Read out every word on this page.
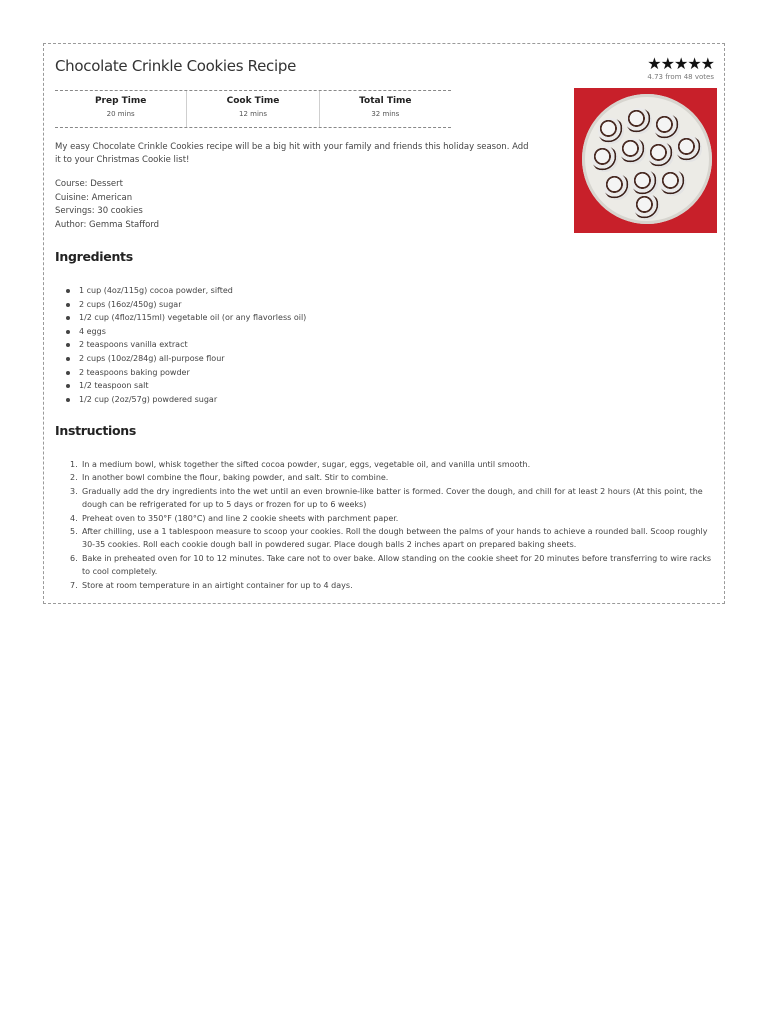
Chocolate Crinkle Cookies Recipe	★★★★★
4.73 from 48 votes
Prep Time
20 mins
Cook Time
12 mins
Total Time
32 mins
My easy Chocolate Crinkle Cookies recipe will be a big hit with your family and friends this holiday season. Add it to your Christmas Cookie list!
Course: Dessert
Cuisine: American
Servings: 30 cookies
Author: Gemma Stafford
Ingredients
1 cup (4oz/115g) cocoa powder, sifted
2 cups (16oz/450g) sugar
1/2 cup (4floz/115ml) vegetable oil (or any flavorless oil)
4 eggs
2 teaspoons vanilla extract
2 cups (10oz/284g) all-purpose flour
2 teaspoons baking powder
1/2 teaspoon salt
1/2 cup (2oz/57g) powdered sugar
Instructions
1. In a medium bowl, whisk together the sifted cocoa powder, sugar, eggs, vegetable oil, and vanilla until smooth.
2. In another bowl combine the flour, baking powder, and salt. Stir to combine.
3. Gradually add the dry ingredients into the wet until an even brownie-like batter is formed. Cover the dough, and chill for at least 2 hours (At this point, the dough can be refrigerated for up to 5 days or frozen for up to 6 weeks)
4. Preheat oven to 350°F (180°C) and line 2 cookie sheets with parchment paper.
5. After chilling, use a 1 tablespoon measure to scoop your cookies. Roll the dough between the palms of your hands to achieve a rounded ball. Scoop roughly 30-35 cookies. Roll each cookie dough ball in powdered sugar. Place dough balls 2 inches apart on prepared baking sheets.
6. Bake in preheated oven for 10 to 12 minutes. Take care not to over bake. Allow standing on the cookie sheet for 20 minutes before transferring to wire racks to cool completely.
7. Store at room temperature in an airtight container for up to 4 days.
